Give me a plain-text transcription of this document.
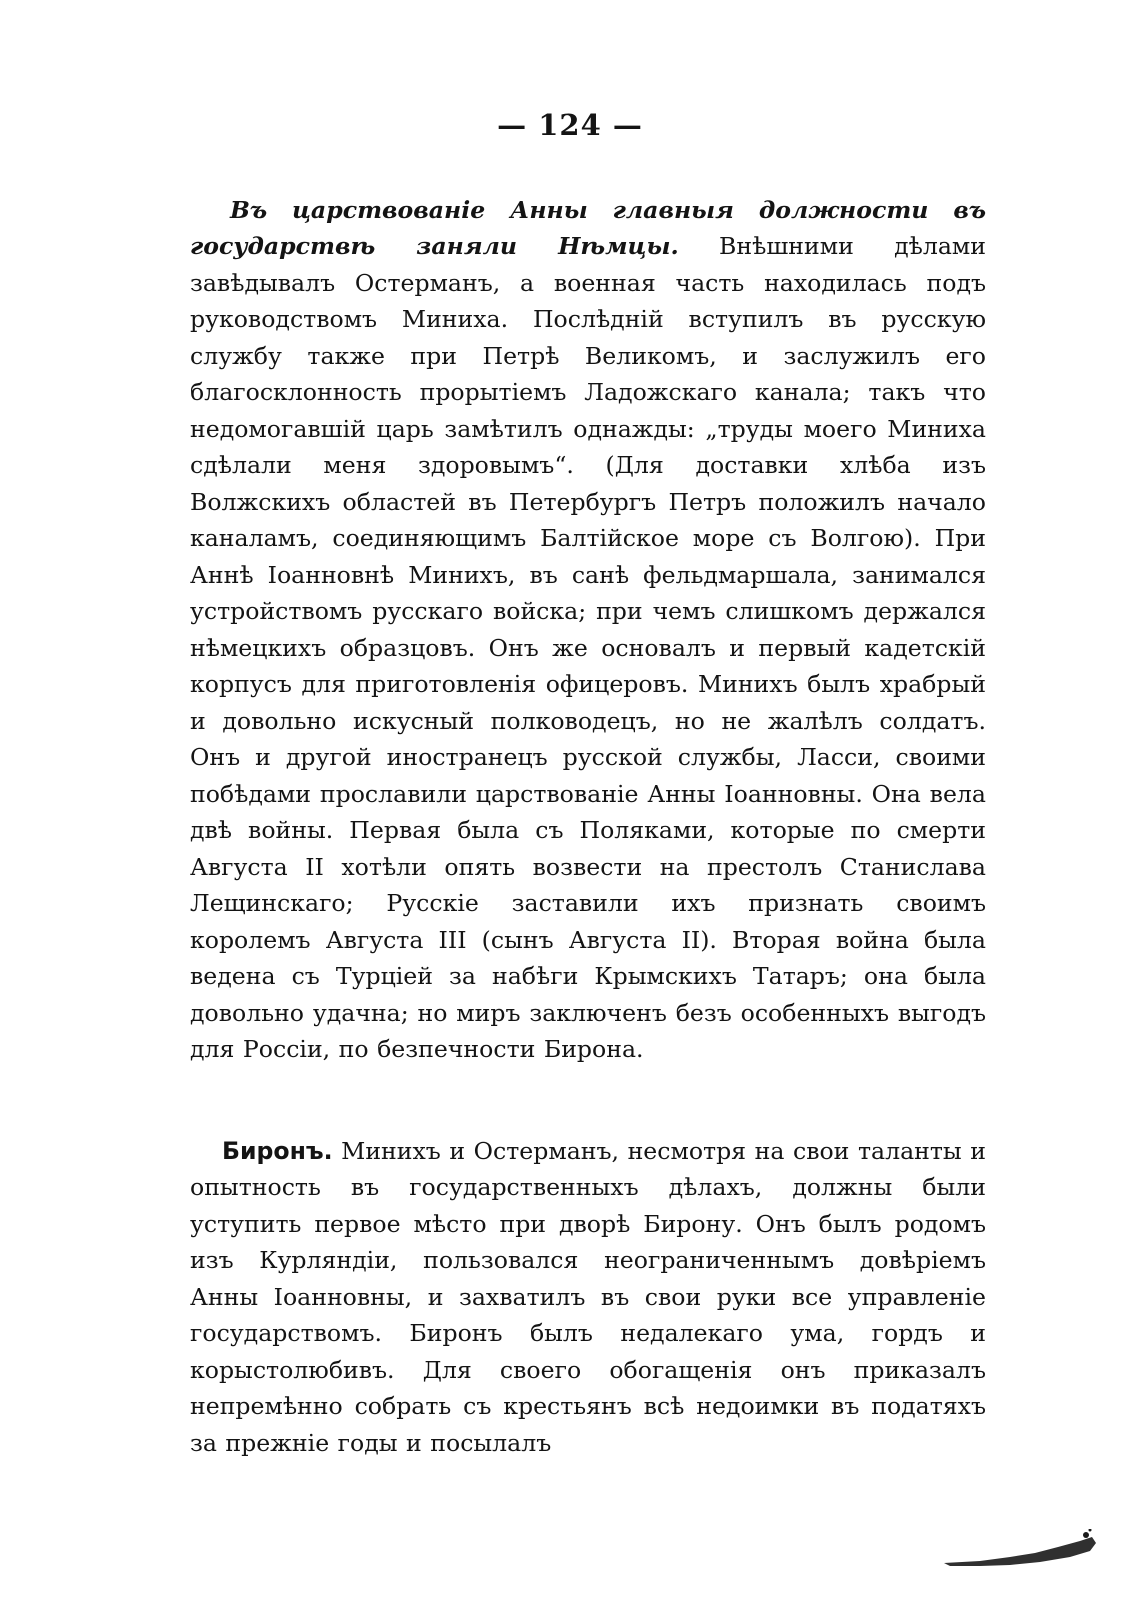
— 124 —

Въ царствованіе Анны главныя должности въ государствѣ заняли Нѣмцы. Внѣшними дѣлами завѣдывалъ Остерманъ, а военная часть находилась подъ руководствомъ Миниха. Послѣдній вступилъ въ русскую службу также при Петрѣ Великомъ, и заслужилъ его благосклонность прорытіемъ Ладожскаго канала; такъ что недомогавшій царь замѣтилъ однажды: „труды моего Миниха сдѣлали меня здоровымъ“. (Для доставки хлѣба изъ Волжскихъ областей въ Петербургъ Петръ положилъ начало каналамъ, соединяющимъ Балтійское море съ Волгою). При Аннѣ Іоанновнѣ Минихъ, въ санѣ фельдмаршала, занимался устройствомъ русскаго войска; при чемъ слишкомъ держался нѣмецкихъ образцовъ. Онъ же основалъ и первый кадетскій корпусъ для приготовленія офицеровъ. Минихъ былъ храбрый и довольно искусный полководецъ, но не жалѣлъ солдатъ. Онъ и другой иностранецъ русской службы, Ласси, своими побѣдами прославили царствованіе Анны Іоанновны. Она вела двѣ войны. Первая была съ Поляками, которые по смерти Августа II хотѣли опять возвести на престолъ Станислава Лещинскаго; Русскіе заставили ихъ признать своимъ королемъ Августа III (сынъ Августа II). Вторая война была ведена съ Турціей за набѣги Крымскихъ Татаръ; она была довольно удачна; но миръ заключенъ безъ особенныхъ выгодъ для Россіи, по безпечности Бирона.

Биронъ. Минихъ и Остерманъ, несмотря на свои таланты и опытность въ государственныхъ дѣлахъ, должны были уступить первое мѣсто при дворѣ Бирону. Онъ былъ родомъ изъ Курляндіи, пользовался неограниченнымъ довѣріемъ Анны Іоанновны, и захватилъ въ свои руки все управленіе государствомъ. Биронъ былъ недалекаго ума, гордъ и корыстолюбивъ. Для своего обогащенія онъ приказалъ непремѣнно собрать съ крестьянъ всѣ недоимки въ податяхъ за прежніе годы и посылалъ
